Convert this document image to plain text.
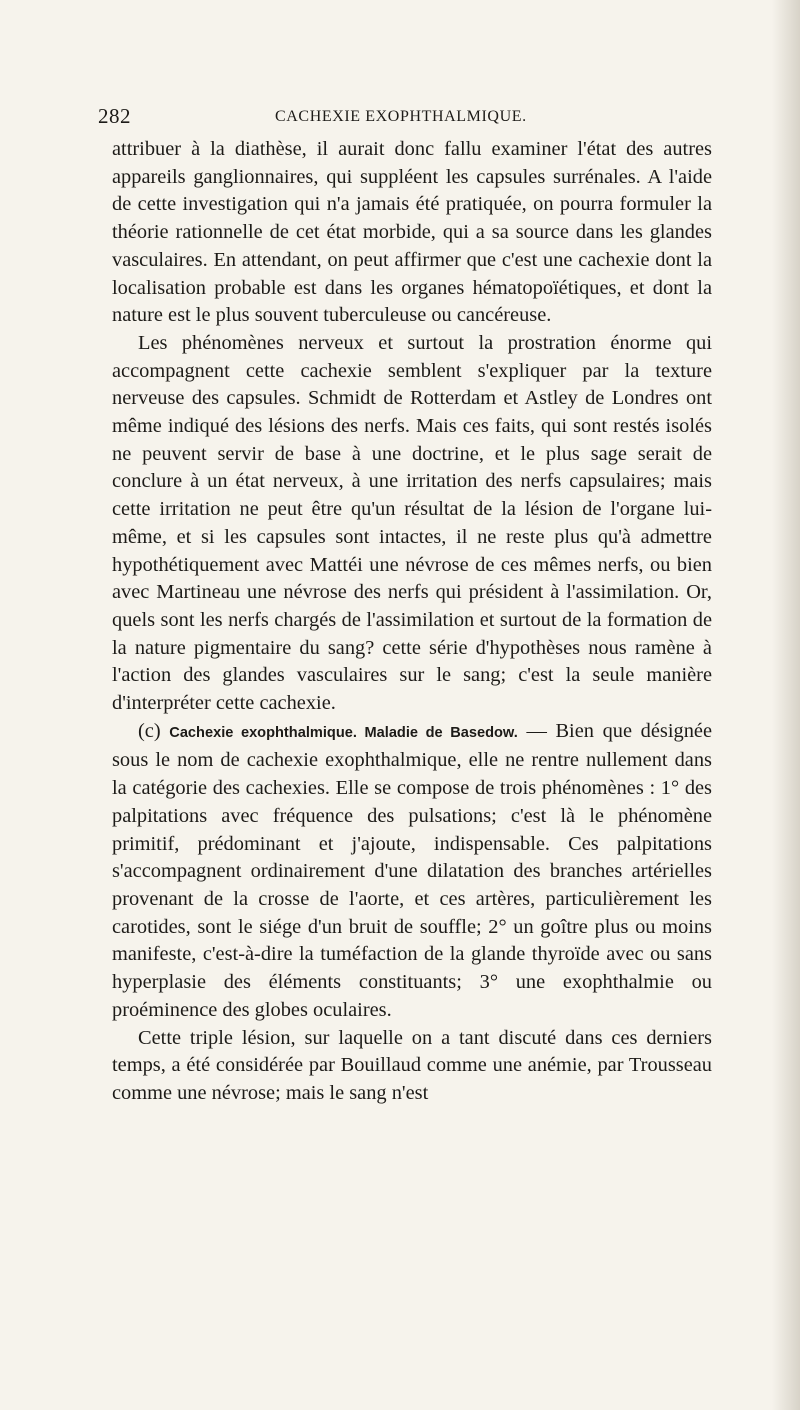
282	CACHEXIE EXOPHTHALMIQUE.

attribuer à la diathèse, il aurait donc fallu examiner l'état des autres appareils ganglionnaires, qui suppléent les capsules surrénales. A l'aide de cette investigation qui n'a jamais été pratiquée, on pourra formuler la théorie rationnelle de cet état morbide, qui a sa source dans les glandes vasculaires. En attendant, on peut affirmer que c'est une cachexie dont la localisation probable est dans les organes hématopoïétiques, et dont la nature est le plus souvent tuberculeuse ou cancéreuse.

Les phénomènes nerveux et surtout la prostration énorme qui accompagnent cette cachexie semblent s'expliquer par la texture nerveuse des capsules. Schmidt de Rotterdam et Astley de Londres ont même indiqué des lésions des nerfs. Mais ces faits, qui sont restés isolés ne peuvent servir de base à une doctrine, et le plus sage serait de conclure à un état nerveux, à une irritation des nerfs capsulaires; mais cette irritation ne peut être qu'un résultat de la lésion de l'organe lui-même, et si les capsules sont intactes, il ne reste plus qu'à admettre hypothétiquement avec Mattéi une névrose de ces mêmes nerfs, ou bien avec Martineau une névrose des nerfs qui président à l'assimilation. Or, quels sont les nerfs chargés de l'assimilation et surtout de la formation de la nature pigmentaire du sang? cette série d'hypothèses nous ramène à l'action des glandes vasculaires sur le sang; c'est la seule manière d'interpréter cette cachexie.

(c) Cachexie exophthalmique. Maladie de Basedow. — Bien que désignée sous le nom de cachexie exophthalmique, elle ne rentre nullement dans la catégorie des cachexies. Elle se compose de trois phénomènes : 1° des palpitations avec fréquence des pulsations; c'est là le phénomène primitif, prédominant et j'ajoute, indispensable. Ces palpitations s'accompagnent ordinairement d'une dilatation des branches artérielles provenant de la crosse de l'aorte, et ces artères, particulièrement les carotides, sont le siége d'un bruit de souffle; 2° un goître plus ou moins manifeste, c'est-à-dire la tuméfaction de la glande thyroïde avec ou sans hyperplasie des éléments constituants; 3° une exophthalmie ou proéminence des globes oculaires.

Cette triple lésion, sur laquelle on a tant discuté dans ces derniers temps, a été considérée par Bouillaud comme une anémie, par Trousseau comme une névrose; mais le sang n'est
